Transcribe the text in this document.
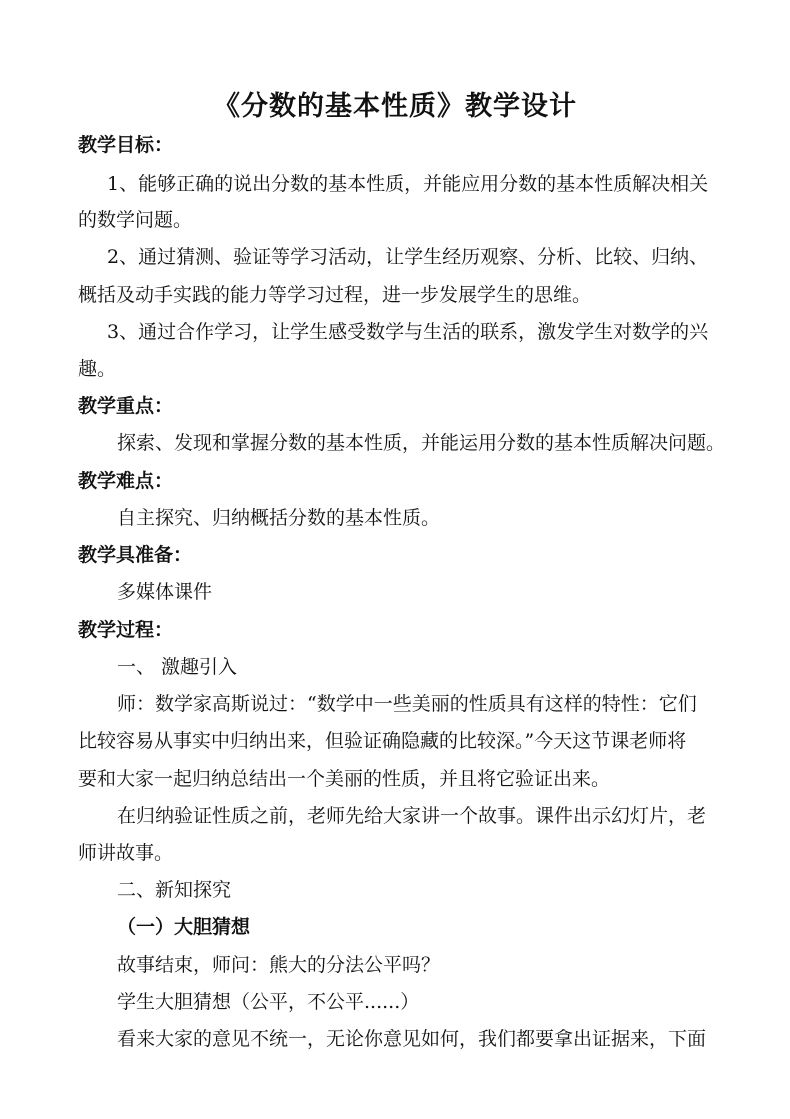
《分数的基本性质》教学设计
教学目标：
1、能够正确的说出分数的基本性质，并能应用分数的基本性质解决相关
的数学问题。
2、通过猜测、验证等学习活动，让学生经历观察、分析、比较、归纳、
概括及动手实践的能力等学习过程，进一步发展学生的思维。
3、通过合作学习，让学生感受数学与生活的联系，激发学生对数学的兴
趣。
教学重点：
探索、发现和掌握分数的基本性质，并能运用分数的基本性质解决问题。
教学难点：
自主探究、归纳概括分数的基本性质。
教学具准备：
多媒体课件
教学过程：
一、 激趣引入
师：数学家高斯说过：“数学中一些美丽的性质具有这样的特性：它们
比较容易从事实中归纳出来，但验证确隐藏的比较深。”今天这节课老师将
要和大家一起归纳总结出一个美丽的性质，并且将它验证出来。
在归纳验证性质之前，老师先给大家讲一个故事。课件出示幻灯片，老
师讲故事。
二、新知探究
（一）大胆猜想
故事结束，师问：熊大的分法公平吗？
学生大胆猜想（公平，不公平......）
看来大家的意见不统一，无论你意见如何，我们都要拿出证据来，下面
